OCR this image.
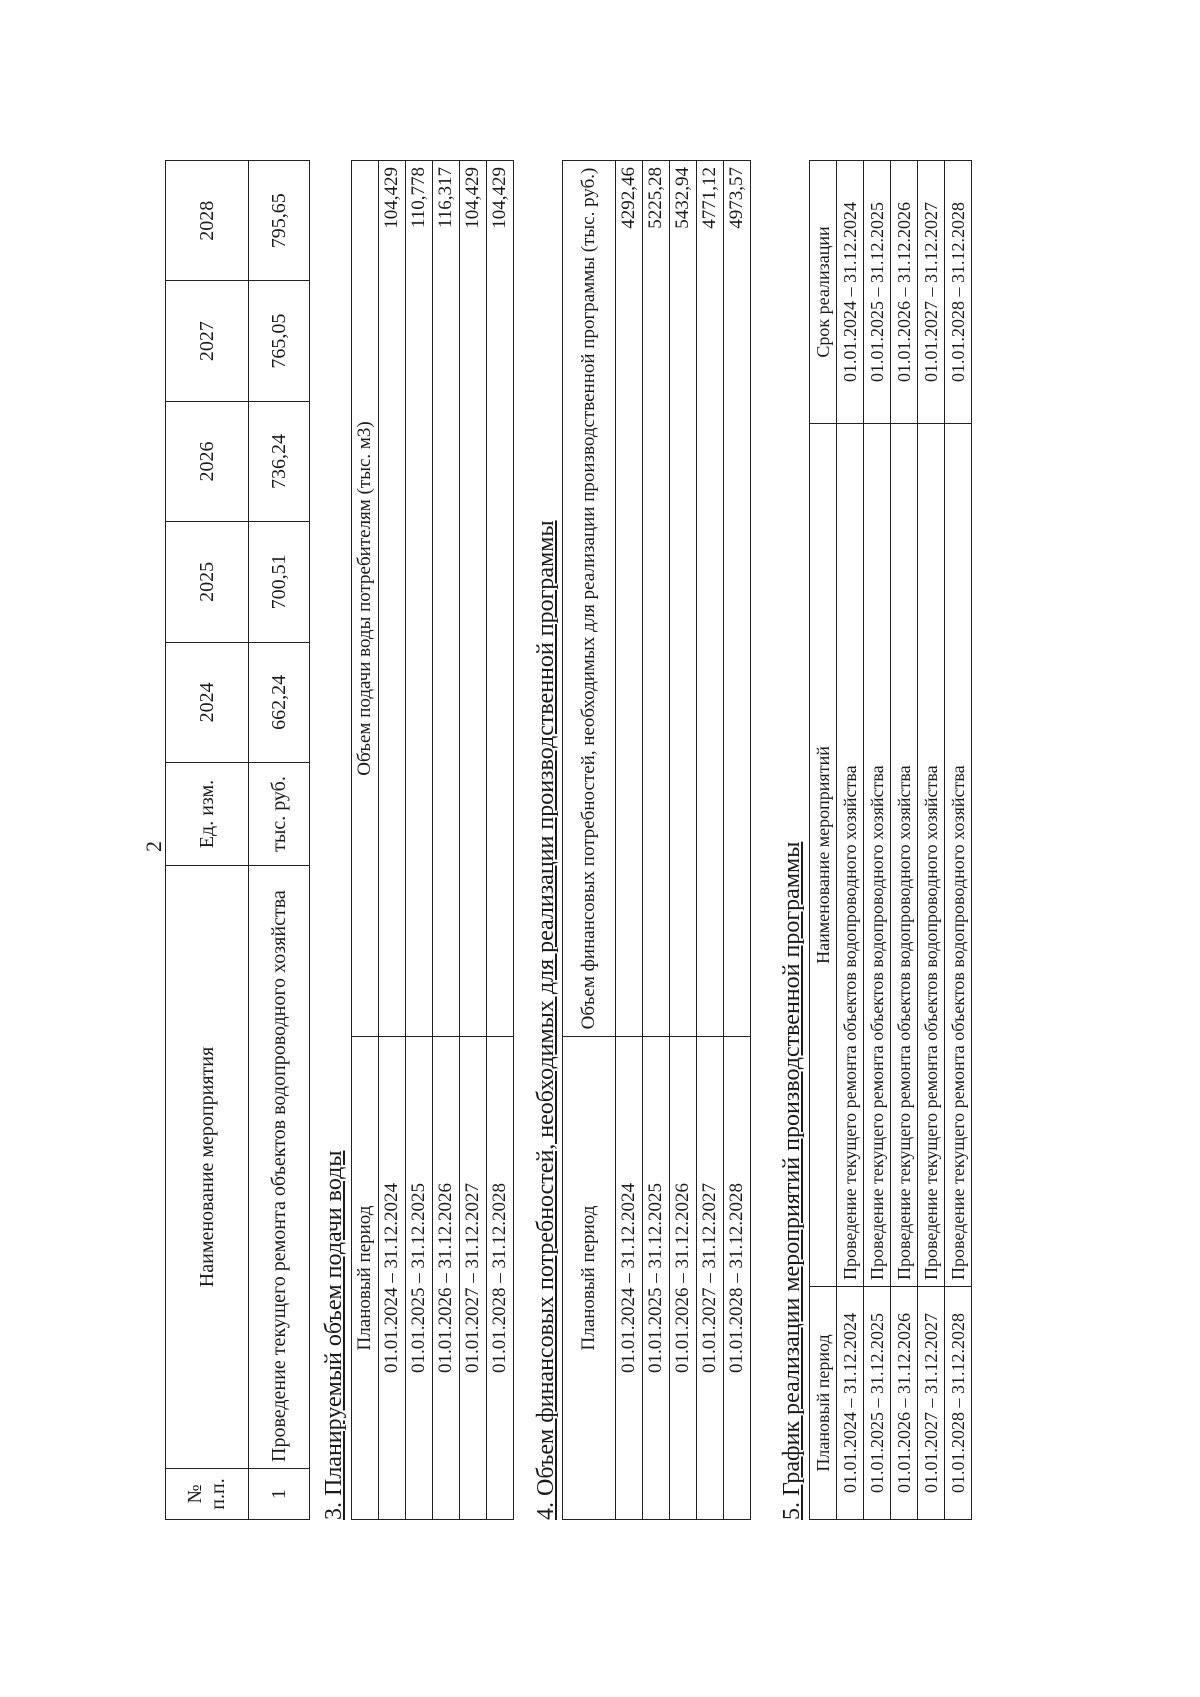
2
№ п.п.	Наименование мероприятия	Ед. изм.	2024	2025	2026	2027	2028
1	Проведение текущего ремонта объектов водопроводного хозяйства	тыс. руб.	662,24	700,51	736,24	765,05	795,65
3. Планируемый объем подачи воды Плановый период	Объем подачи воды потребителям (тыс. м3)
01.01.2024 – 31.12.2024	104,429
01.01.2025 – 31.12.2025	110,778
01.01.2026 – 31.12.2026	116,317
01.01.2027 – 31.12.2027	104,429
01.01.2028 – 31.12.2028	104,429
4. Объем финансовых потребностей, необходимых для реализации производственной программы Плановый период	Объем финансовых потребностей, необходимых для реализации производственной программы (тыс. руб.)
01.01.2024 – 31.12.2024	4292,46
01.01.2025 – 31.12.2025	5225,28
01.01.2026 – 31.12.2026	5432,94
01.01.2027 – 31.12.2027	4771,12
01.01.2028 – 31.12.2028	4973,57
5. График реализации мероприятий производственной программы Плановый период	Наименование мероприятий	Срок реализации
01.01.2024 – 31.12.2024	Проведение текущего ремонта объектов водопроводного хозяйства	01.01.2024 – 31.12.2024
01.01.2025 – 31.12.2025	Проведение текущего ремонта объектов водопроводного хозяйства	01.01.2025 – 31.12.2025
01.01.2026 – 31.12.2026	Проведение текущего ремонта объектов водопроводного хозяйства	01.01.2026 – 31.12.2026
01.01.2027 – 31.12.2027	Проведение текущего ремонта объектов водопроводного хозяйства	01.01.2027 – 31.12.2027
01.01.2028 – 31.12.2028	Проведение текущего ремонта объектов водопроводного хозяйства	01.01.2028 – 31.12.2028
